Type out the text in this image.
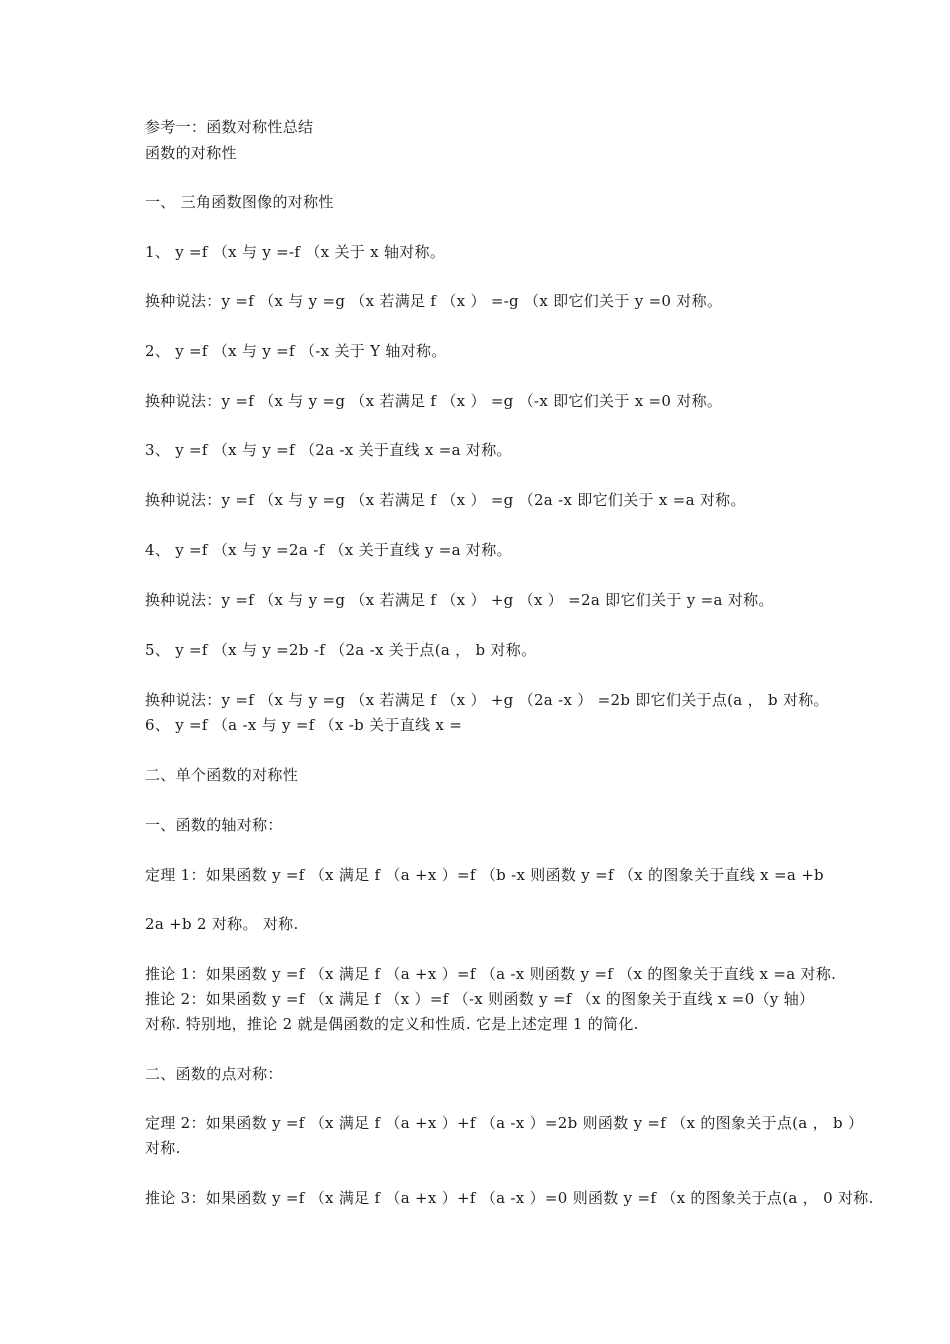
参考一：函数对称性总结

函数的对称性

一、 三角函数图像的对称性

1、 y =f （x 与 y =-f （x 关于 x 轴对称。

换种说法：y =f （x 与 y =g （x 若满足 f （x ） =-g （x 即它们关于 y =0 对称。

2、 y =f （x 与 y =f （-x 关于 Y 轴对称。

换种说法：y =f （x 与 y =g （x 若满足 f （x ） =g （-x 即它们关于 x =0 对称。

3、 y =f （x 与 y =f （2a -x 关于直线 x =a 对称。

换种说法：y =f （x 与 y =g （x 若满足 f （x ） =g （2a -x 即它们关于 x =a 对称。

4、 y =f （x 与 y =2a -f （x 关于直线 y =a 对称。

换种说法：y =f （x 与 y =g （x 若满足 f （x ） +g （x ） =2a 即它们关于 y =a 对称。

5、 y =f （x 与 y =2b -f （2a -x 关于点(a ， b 对称。

换种说法：y =f （x 与 y =g （x 若满足 f （x ） +g （2a -x ） =2b 即它们关于点(a ， b 对称。

6、 y =f （a -x 与 y =f （x -b 关于直线 x =

二、单个函数的对称性

一、函数的轴对称：

定理 1：如果函数 y =f （x 满足 f （a +x ）=f （b -x 则函数 y =f （x 的图象关于直线 x =a +b

2a +b 2 对称。 对称.

推论 1：如果函数 y =f （x 满足 f （a +x ）=f （a -x 则函数 y =f （x 的图象关于直线 x =a 对称.

推论 2：如果函数 y =f （x 满足 f （x ）=f （-x 则函数 y =f （x 的图象关于直线 x =0（y 轴）

对称. 特别地，推论 2 就是偶函数的定义和性质. 它是上述定理 1 的简化.

二、函数的点对称：

定理 2：如果函数 y =f （x 满足 f （a +x ）+f （a -x ）=2b 则函数 y =f （x 的图象关于点(a ， b ）

对称.

推论 3：如果函数 y =f （x 满足 f （a +x ）+f （a -x ）=0 则函数 y =f （x 的图象关于点(a ， 0 对称.
